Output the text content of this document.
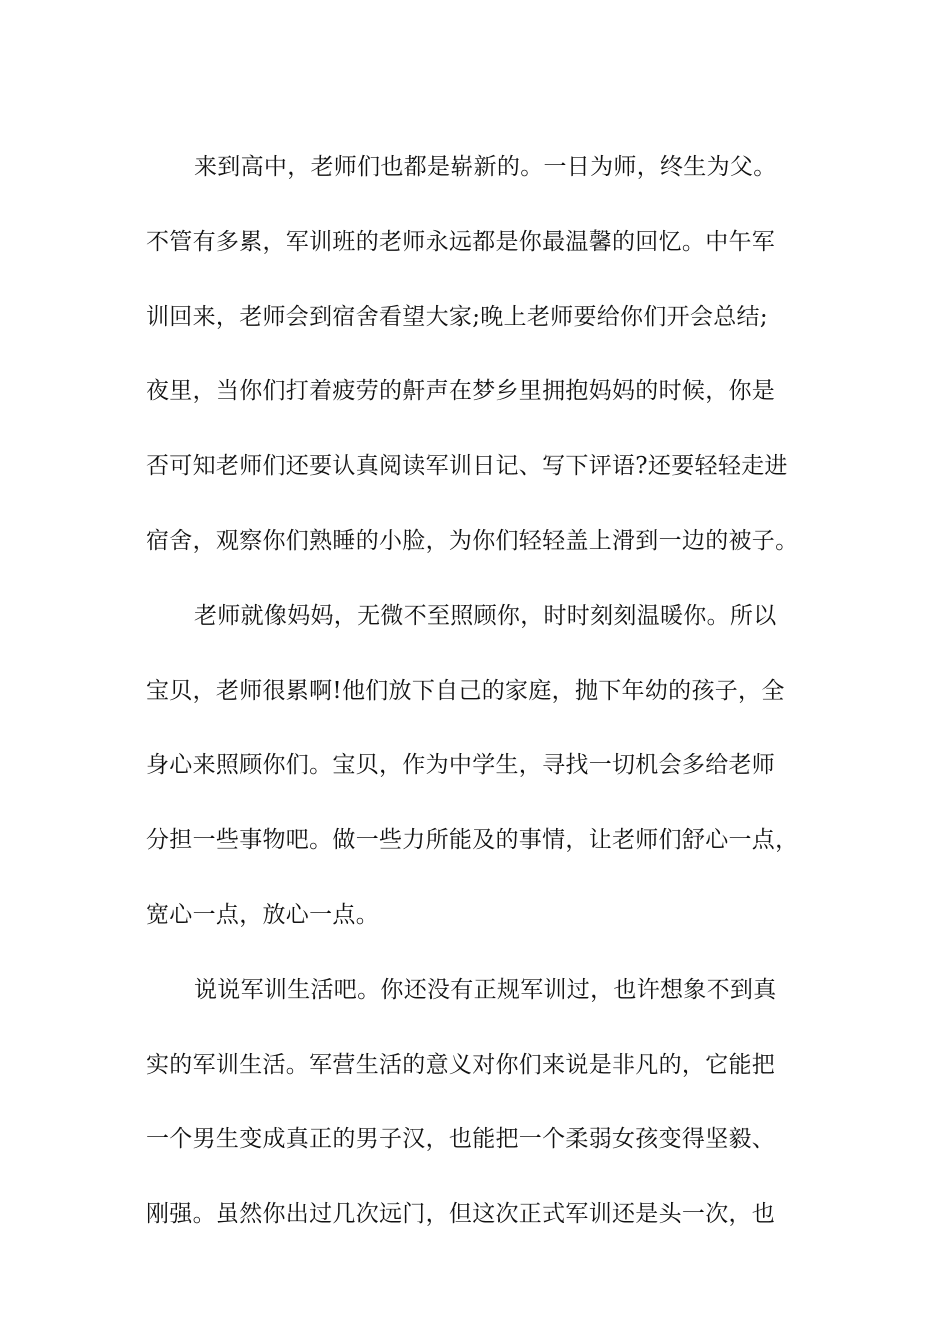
来到高中，老师们也都是崭新的。一日为师，终生为父。
不管有多累，军训班的老师永远都是你最温馨的回忆。中午军
训回来，老师会到宿舍看望大家;晚上老师要给你们开会总结;
夜里，当你们打着疲劳的鼾声在梦乡里拥抱妈妈的时候，你是
否可知老师们还要认真阅读军训日记、写下评语?还要轻轻走进
宿舍，观察你们熟睡的小脸，为你们轻轻盖上滑到一边的被子。
老师就像妈妈，无微不至照顾你，时时刻刻温暖你。所以
宝贝，老师很累啊!他们放下自己的家庭，抛下年幼的孩子，全
身心来照顾你们。宝贝，作为中学生，寻找一切机会多给老师
分担一些事物吧。做一些力所能及的事情，让老师们舒心一点，
宽心一点，放心一点。
说说军训生活吧。你还没有正规军训过，也许想象不到真
实的军训生活。军营生活的意义对你们来说是非凡的，它能把
一个男生变成真正的男子汉，也能把一个柔弱女孩变得坚毅、
刚强。虽然你出过几次远门，但这次正式军训还是头一次，也
